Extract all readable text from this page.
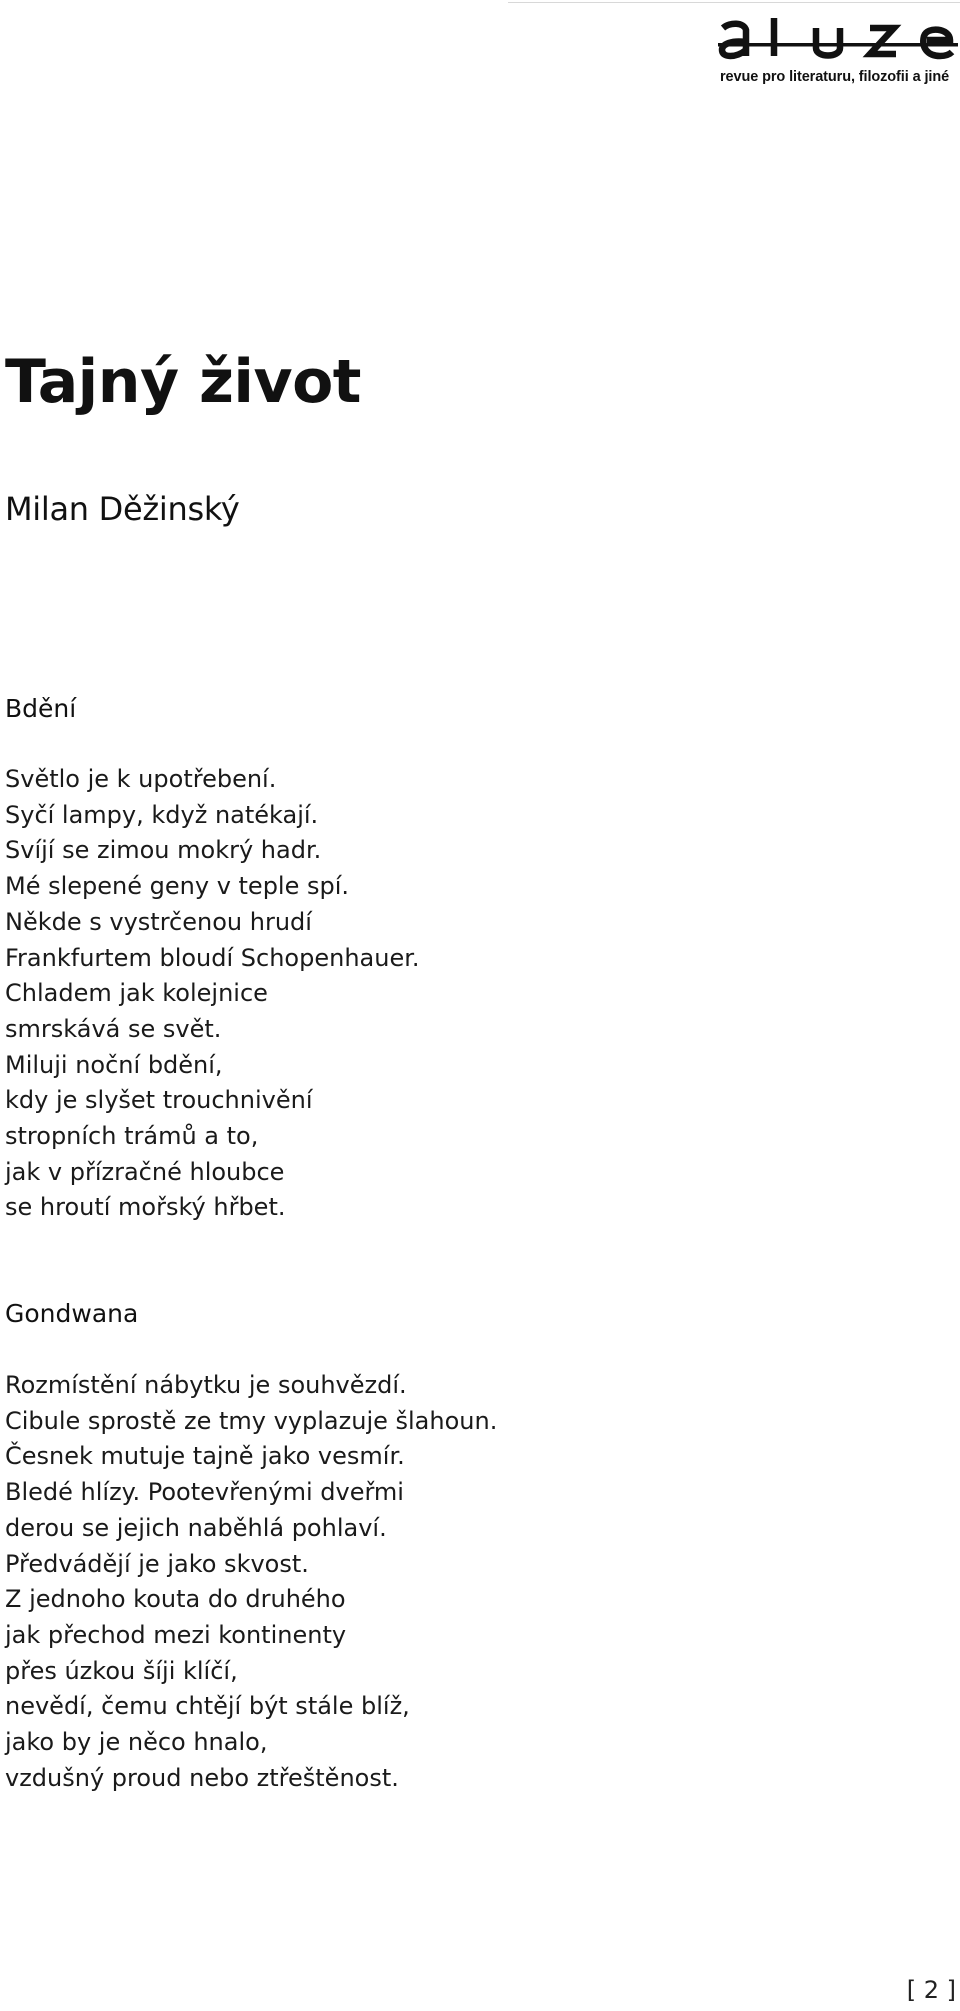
revue pro literaturu, filozofii a jiné
Tajný život
Milan Děžinský
Bdění
Světlo je k upotřebení.
Syčí lampy, když natékají.
Svíjí se zimou mokrý hadr.
Mé slepené geny v teple spí.
Někde s vystrčenou hrudí
Frankfurtem bloudí Schopenhauer.
Chladem jak kolejnice
smrskává se svět.
Miluji noční bdění,
kdy je slyšet trouchnivění
stropních trámů a to,
jak v přízračné hloubce
se hroutí mořský hřbet.
Gondwana
Rozmístění nábytku je souhvězdí.
Cibule sprostě ze tmy vyplazuje šlahoun.
Česnek mutuje tajně jako vesmír.
Bledé hlízy. Pootevřenými dveřmi
derou se jejich naběhlá pohlaví.
Předvádějí je jako skvost.
Z jednoho kouta do druhého
jak přechod mezi kontinenty
přes úzkou šíji klíčí,
nevědí, čemu chtějí být stále blíž,
jako by je něco hnalo,
vzdušný proud nebo ztřeštěnost.
[ 2 ]
